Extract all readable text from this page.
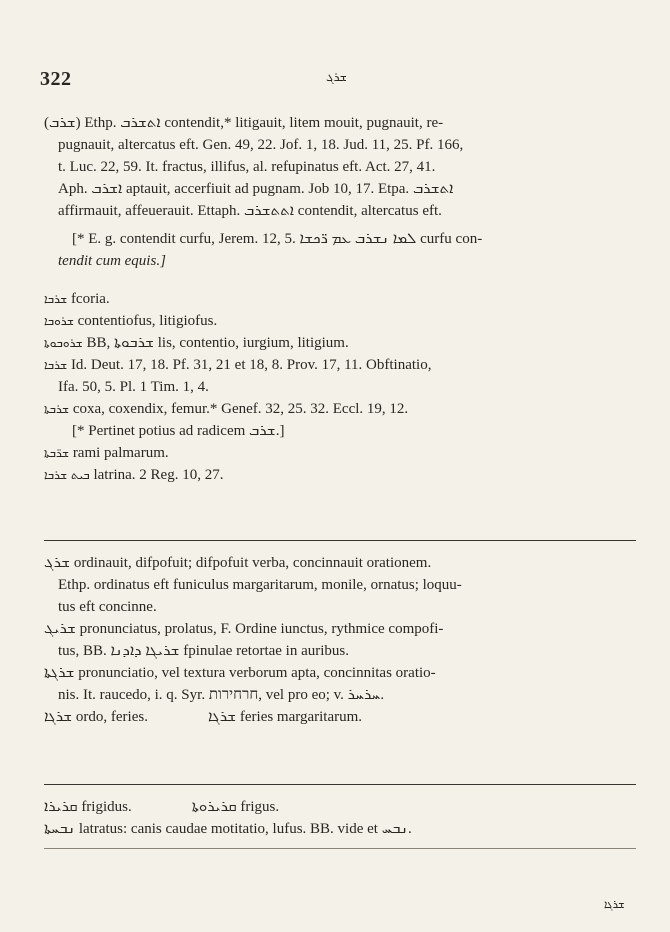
322	ܫܪܓ
(ܫܪܒ) Ethp. ܐܬܫܪܒ contendit,* litigauit, litem mouit, pugnauit, re-
pugnauit, altercatus eft. Gen. 49, 22. Jof. 1, 18. Jud. 11, 25. Pf. 166,
t. Luc. 22, 59. It. fractus, illifus, al. refupinatus eft. Act. 27, 41.
Aph. ܐܫܪܒ aptauit, accerfiuit ad pugnam. Job 10, 17. Etpa. ܐܬܫܪܒ
affirmauit, affeuerauit. Ettaph. ܐܬܬܫܪܒ contendit, altercatus eft.
[* E. g. contendit curfu, Jerem. 12, 5. ܠܡܐ ܢܫܪܒ ܥܡ ܪ̈ܟܫܐ curfu con-
tendit cum equis.]
ܫܪܒܐ fcoria.
ܫܪܘܒܐ contentiofus, litigiofus.
ܫܪܘܒܘܬܐ BB, ܫܪܒܘܬܐ lis, contentio, iurgium, litigium.
ܫܪܒܐ Id. Deut. 17, 18. Pf. 31, 21 et 18, 8. Prov. 17, 11. Obftinatio,
Ifa. 50, 5. Pl. 1 Tim. 1, 4.
ܫܪܒܬܐ coxa, coxendix, femur.* Genef. 32, 25. 32. Eccl. 19, 12.
[* Pertinet potius ad radicem ܫܪܒ.]
ܫܪ̈ܒܬܐ rami palmarum.
ܒܝܬ ܫܪܒܐ latrina. 2 Reg. 10, 27.
ܫܪܓ ordinauit, difpofuit; difpofuit verba, concinnauit orationem.
Ethp. ordinatus eft funiculus margaritarum, monile, ornatus; loquu-
tus eft concinne.
ܫܪܝܓ pronunciatus, prolatus, F. Ordine iunctus, rythmice compofi-
tus, BB. ܫܪܝܓܐ ܕܐܕܢܐ fpinulae retortae in auribus.
ܫܪܓܬܐ pronunciatio, vel textura verborum apta, concinnitas oratio-
nis. It. raucedo, i. q. Syr. חרחירות, vel pro eo; v. ܚܪܚܪ.
ܫܪܓܐ ordo, feries.                ܫܪܓܐ feries margaritarum.
ܩܪܝܪܐ frigidus.                ܩܪܝܪܘܬܐ frigus.
ܢܒܚܬܐ latratus: canis caudae motitatio, lufus. BB. vide et ܢܒܚ.
ܫܪܓܐ
